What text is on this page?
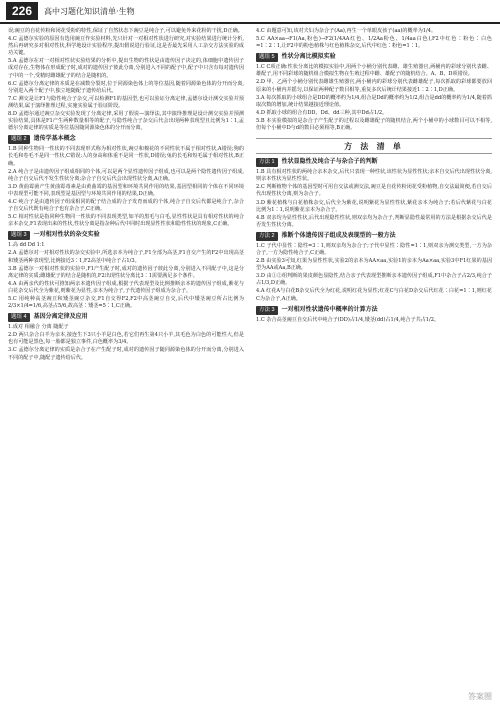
226	高中习题化知识清单·生物

误;豌豆的自花传粉和闭花受粉的特性,保证了自然状态下豌豆是纯合子,可以避免外来花粉的干扰,D正确。

4.C 孟德尔实验的原因有选用豌豆作实验材料,先只针对一对相对性状进行研究,对实验结果进行统计分析,然后再研究多对相对性状,科学地设计实验程序,提出假说进行验证,这是否最先采用人工杂交方法实验的成功关键。

5.A 孟德尔在对一对相对性状实验结果的分析中,提出生物的性状是由遗传因子决定的,体细胞中遗传因子成对存在,生物体在形成配子时,成对的遗传因子彼此分离,分别进入不同的配子中,配子中只含有每对遗传因子中的一个,受精时雌雄配子的结合是随机的。

6.C 孟德尔分离定律的本质是在减数分裂时,位于同源染色体上的等位基因,随着同源染色体的分开而分离,分别进入两个配子中,独立地随配子遗传给后代。

7.C 测交是让F1与隐性纯合子杂交,可以检测F1的基因型,也可以验证分离定律,孟德尔设计测交实验并预测结果,属于演绎推理过程,实施实验属于验证阶段。

8.D 孟德尔通过豌豆杂交实验发现了分离定律,采用了假说—演绎法,其中演绎推理是设计测交实验并预测实验结果,具体是F1产生两种数量相等的配子,与隐性纯合子杂交后代会出现两种表现型且比例为1∶1,孟德尔分离定律的实质是等位基因随同源染色体的分开而分离。

题组 2	遗传学基本概念

1.B 同种生物同一性状的不同表现形式称为相对性状,豌豆和棉花的不同性状不属于相对性状,A错误;狗的长毛和卷毛不是同一性状,C错误;人的身高和体重不是同一性状,D错误;兔的长毛和短毛属于相对性状,B正确。

2.A 纯合子是由遗传因子组成相同的个体,可以是两个显性遗传因子组成,也可以是两个隐性遗传因子组成,纯合子自交后代不发生性状分离;杂合子自交后代会出现性状分离,A正确。

3.D 黄曲霉菌产生黄曲霉毒素是由黄曲霉的基因型和环境共同作用的结果,基因型相同的个体在不同环境中表现型可能不同,表现型是基因型与环境共同作用的结果,D正确。

4.C 纯合子是由遗传因子组成相同的配子结合成的合子发育而成的个体,纯合子自交后代都是纯合子,杂合子自交后代既有纯合子也有杂合子,C正确。

5.C 相对性状是指同种生物同一性状的不同表现类型,如羊的黑毛与白毛,显性性状是具有相对性状的纯合亲本杂交,F1表现出来的性状,性状分离是指杂种后代中同时出现显性性状和隐性性状的现象,C正确。

题组 3	一对相对性状的杂交实验

1.高 dd Dd 1∶1

2.A 孟德尔对一对相对性状的杂交实验中,所选亲本为纯合子,F1全部为高茎,F1自交产生的F2中出现高茎和矮茎两种表现型,比例接近3∶1,F2高茎中纯合子占1/3。

3.B 孟德尔一对相对性状的实验中,F1产生配子时,成对的遗传因子彼此分离,分别进入不同配子中,这是分离定律的实质;雌雄配子的结合是随机的,F2出现性状分离比3∶1需要满足多个条件。

4.A 由两亲代的性状可推知两亲本遗传因子组成,根据子代表现型及比例推断亲本的遗传因子组成,紫花与白花杂交后代全为紫花,则紫花为显性,亲本为纯合子,子代遗传因子组成为杂合子。

5.C 用纯种高茎豌豆和矮茎豌豆杂交,F1自交得F2,F2中高茎豌豆自交,后代中矮茎豌豆所占比例为2/3×1/4=1/6,高茎占5/6,故高茎∶矮茎=5∶1,C正确。

题组 4	基因分离定律及应用

1.成对 相融合 分离 随配子

2.D 两只杂合白羊为亲本,接连生下3只小羊是白色,若它们再生第4只小羊,其毛色为白色的可能性大,但是也有可能是黑色,每一胎都是独立事件,白色概率为3/4。

3.C 孟德尔分离定律的实质是杂合子在产生配子时,成对的遗传因子随同源染色体的分开而分离,分别进入不同的配子中,随配子遗传给后代。

4.C 由题意可知,该对夫妇为杂合子(Aa),再生一个单眼皮孩子(aa)的概率为1/4。

5.C AA×aa→F1(Aa,粉色)→F2(1/4AA红色、1/2Aa粉色、1/4aa白色),F2中红色∶粉色∶白色=1∶2∶1,让F2中的粉色植株与红色植株杂交,后代中红色∶粉色=1∶1。

题组 5	性状分离比模拟实验

1.C C项正确:性状分离比的模拟实验中,用两个小桶分别代表雌、雄生殖器官,两桶内的彩球分别代表雌、雄配子,用不同彩球的随机组合模拟生物在生殖过程中雌、雄配子的随机结合。A、B、D项错误。

2.D 甲、乙两个小桶分别代表雌雄生殖器官,两小桶内的彩球分别代表雌雄配子,每次抓取的彩球都要放回原来的小桶内并摇匀,以保证两种配子数目相等,重复多次后统计结果接近1∶2∶1,D正确。

3.A 每次抓取的小球组合是DD的概率约为1/4,组合是Dd的概率约为1/2,组合是dd的概率约为1/4,随着抓取次数的增加,统计结果越接近理论值。

4.D 抓取小球的组合有DD、Dd、dd三种,其中Dd占1/2。

5.B 本实验模拟的是杂合子产生配子的过程以及雌雄配子的随机结合,两个小桶中的小球数目可以不相等,但每个小桶中D与d的数目必须相等,B正确。

方 法 清 单
方法 1	性状显隐性及纯合子与杂合子的判断

1.B 具有相对性状的两纯合亲本杂交,后代只表现一种性状,该性状为显性性状;亲本自交后代出现性状分离,则亲本性状为显性性状。

2.C 判断植物个体的基因型时可用自交法或测交法,豌豆是自花传粉闭花受粉植物,自交法最简便,若自交后代出现性状分离,则为杂合子。

3.D 紫花植株与白花植株杂交,后代全为紫花,说明紫花为显性性状,紫花亲本为纯合子;若后代紫花与白花比例为1∶1,说明紫花亲本为杂合子。

4.B 双亲均为显性性状,后代出现隐性性状,则双亲均为杂合子,判断显隐性最常用的方法是根据杂交后代是否发生性状分离。

方法 2	推断个体遗传因子组成及表现型的一般方法

1.C 子代中显性∶隐性=3∶1,则双亲均为杂合子;子代中显性∶隐性=1∶1,则双亲为测交类型,一方为杂合子,一方为隐性纯合子,C正确。

2.B 由实验3可知,红果为显性性状,实验2的亲本为AA×aa,实验1的亲本为Aa×aa,实验3中F1红果的基因型为AA或Aa,B正确。

3.D 由①②组判断的果皮颜色显隐性,结合亲子代表现型推断亲本遗传因子组成,F1中杂合子占2/3,纯合子占1/3,D正确。

4.A 红花A与白花B杂交后代全为红花,说明红花为显性;红花C与白花D杂交后代红花∶白花=1∶1,则红花C为杂合子,A正确。

方法 3	一对相对性状遗传中概率的计算方法

1.C 杂合高茎豌豆自交后代中纯合子(DD)占1/4,矮茎(dd)占1/4,纯合子共占1/2。

答案圈
